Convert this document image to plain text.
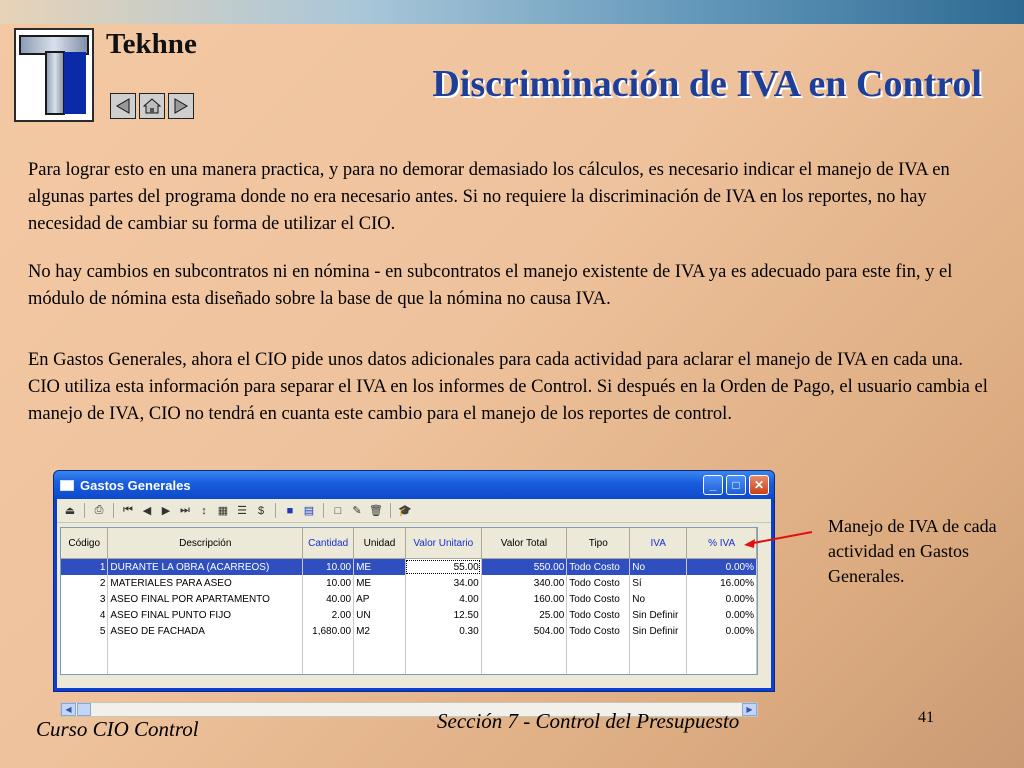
Tekhne
Discriminación de IVA en Control

Para lograr esto en una manera practica, y para no demorar demasiado los cálculos, es necesario indicar el manejo de IVA en algunas partes del programa donde no era necesario antes. Si no requiere la discriminación de IVA en los reportes, no hay necesidad de cambiar su forma de utilizar el CIO.

No hay cambios en subcontratos ni en nómina - en subcontratos el manejo existente de IVA ya es adecuado para este fin, y el módulo de nómina esta diseñado sobre la base de que la nómina no causa IVA.

En Gastos Generales, ahora el CIO pide unos datos adicionales para cada actividad para aclarar el manejo de IVA en cada una. CIO utiliza esta información para separar el IVA en los informes de Control. Si después en la Orden de Pago, el usuario cambia el manejo de IVA, CIO no tendrá en cuanta este cambio para el manejo de los reportes de control.

Gastos Generales	_	□	✕
⏏	⎙	⏮ ◀ ▶ ⏭	↕	▦ ☰	$	■ ▤	□	✎ 🗑 🎓
Código	Descripción	Cantidad	Unidad	Valor Unitario	Valor Total	Tipo	IVA	% IVA
1	DURANTE LA OBRA (ACARREOS)	10.00	ME	55.00	550.00	Todo Costo	No	0.00%
2	MATERIALES PARA ASEO	10.00	ME	34.00	340.00	Todo Costo	Sí	16.00%
3	ASEO FINAL POR APARTAMENTO	40.00	AP	4.00	160.00	Todo Costo	No	0.00%
4	ASEO FINAL PUNTO FIJO	2.00	UN	12.50	25.00	Todo Costo	Sin Definir	0.00%
5	ASEO DE FACHADA	1,680.00	M2	0.30	504.00	Todo Costo	Sin Definir	0.00%

◀	▶
Manejo de IVA de cada actividad en Gastos Generales.
Curso CIO Control	Sección 7 - Control del Presupuesto	41
